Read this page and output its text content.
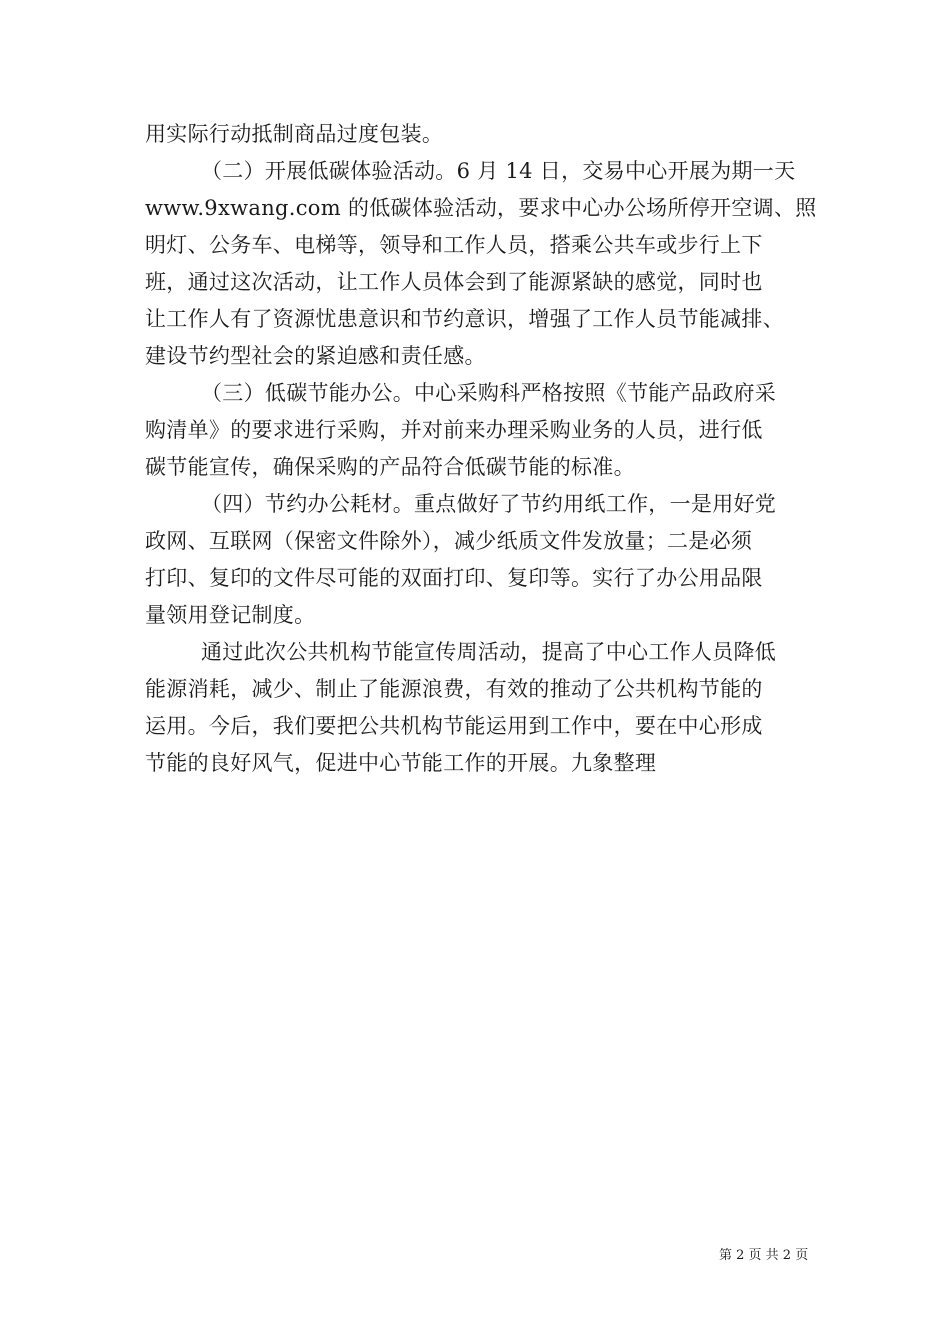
用实际行动抵制商品过度包装。
（二）开展低碳体验活动。6 月 14 日，交易中心开展为期一天
www.9xwang.com 的低碳体验活动，要求中心办公场所停开空调、照
明灯、公务车、电梯等，领导和工作人员，搭乘公共车或步行上下
班，通过这次活动，让工作人员体会到了能源紧缺的感觉，同时也
让工作人有了资源忧患意识和节约意识，增强了工作人员节能减排、
建设节约型社会的紧迫感和责任感。
（三）低碳节能办公。中心采购科严格按照《节能产品政府采
购清单》的要求进行采购，并对前来办理采购业务的人员，进行低
碳节能宣传，确保采购的产品符合低碳节能的标准。
（四）节约办公耗材。重点做好了节约用纸工作，一是用好党
政网、互联网（保密文件除外），减少纸质文件发放量；二是必须
打印、复印的文件尽可能的双面打印、复印等。实行了办公用品限
量领用登记制度。
通过此次公共机构节能宣传周活动，提高了中心工作人员降低
能源消耗，减少、制止了能源浪费，有效的推动了公共机构节能的
运用。今后，我们要把公共机构节能运用到工作中，要在中心形成
节能的良好风气，促进中心节能工作的开展。九象整理
第 2 页 共 2 页
